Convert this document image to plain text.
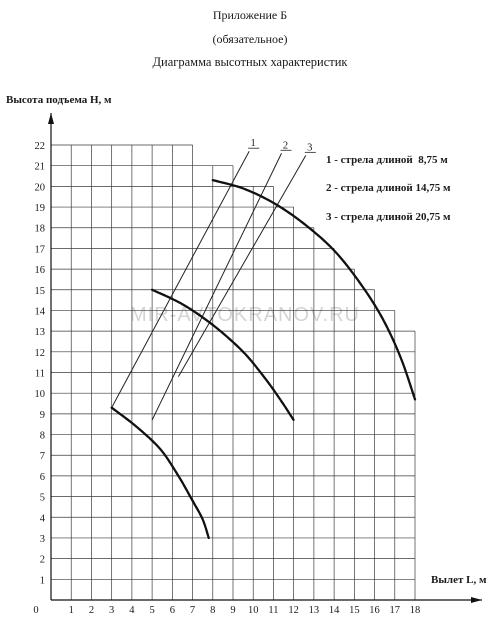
Приложение Б
(обязательное)
Диаграмма высотных характеристик
MIR-AVTOKRANOV.RU
1 2 3 4 5 6 7 8 9 10 11 12 13 14 15 16 17 18
1
2
3
4
5
6
7
8
9
10
11
12
13
14
15
16
17
18
19
20
21
22	1	2 3
Высота подъема Н, м
Вылет L, м
0
1 - стрела длиной  8,75 м
2 - стрела длиной 14,75 м
3 - стрела длиной 20,75 м
